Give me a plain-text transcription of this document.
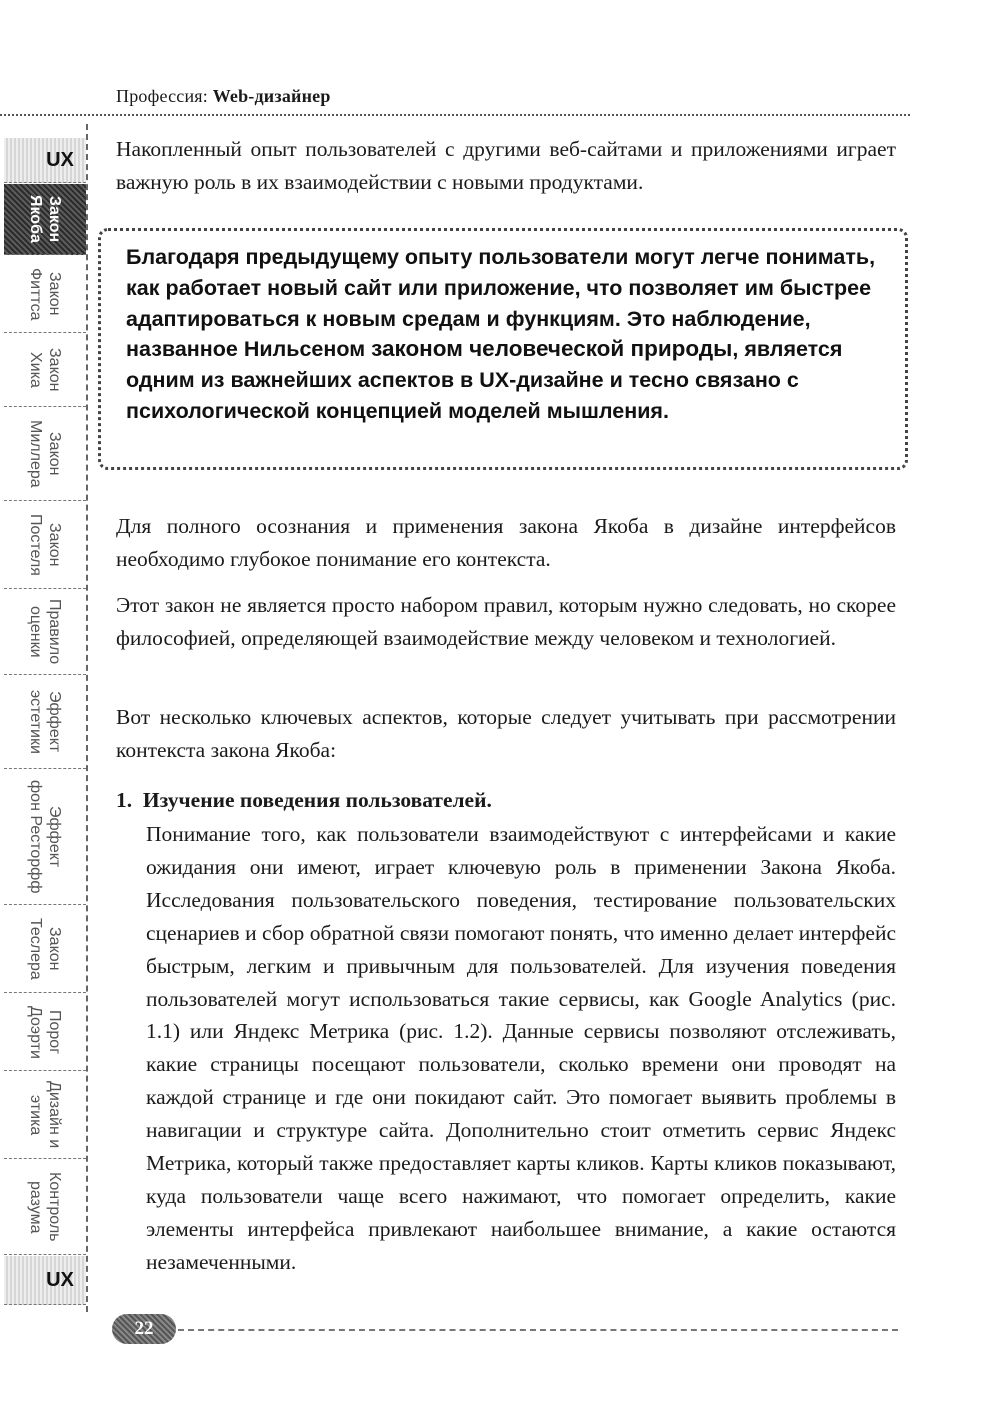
Профессия: Web-дизайнер
UX
Закон
Якоба
Закон
Фиттса
Закон
Хика
Закон
Миллера
Закон
Постеля
Правило
оценки
Эффект
эстетики
Эффект
фон Ресторфф
Закон
Теслера
Порог
Доэрти
Дизайн и
этика
Контроль
разума
UX
Накопленный опыт пользователей с другими веб-сайтами и приложениями играет важную роль в их взаимодействии с новыми продуктами.
Благодаря предыдущему опыту пользователи могут легче понимать, как работает новый сайт или приложение, что позволяет им быстрее адаптироваться к новым средам и функциям. Это наблюдение, названное Нильсеном законом человеческой природы, является одним из важнейших аспектов в UX-дизайне и тесно связано с психологической концепцией моделей мышления.
Для полного осознания и применения закона Якоба в дизайне интерфейсов необходимо глубокое понимание его контекста.
Этот закон не является просто набором правил, которым нужно следовать, но скорее философией, определяющей взаимодействие между человеком и технологией.
Вот несколько ключевых аспектов, которые следует учитывать при рассмотрении контекста закона Якоба:
1. Изучение поведения пользователей.
Понимание того, как пользователи взаимодействуют с интерфейсами и какие ожидания они имеют, играет ключевую роль в применении Закона Якоба. Исследования пользовательского поведения, тестирование пользовательских сценариев и сбор обратной связи помогают понять, что именно делает интерфейс быстрым, легким и привычным для пользователей. Для изучения поведения пользователей могут использоваться такие сервисы, как Google Analytics (рис. 1.1) или Яндекс Метрика (рис. 1.2). Данные сервисы позволяют отслеживать, какие страницы посещают пользователи, сколько времени они проводят на каждой странице и где они покидают сайт. Это помогает выявить проблемы в навигации и структуре сайта. Дополнительно стоит отметить сервис Яндекс Метрика, который также предоставляет карты кликов. Карты кликов показывают, куда пользователи чаще всего нажимают, что помогает определить, какие элементы интерфейса привлекают наибольшее внимание, а какие остаются незамеченными.
22
